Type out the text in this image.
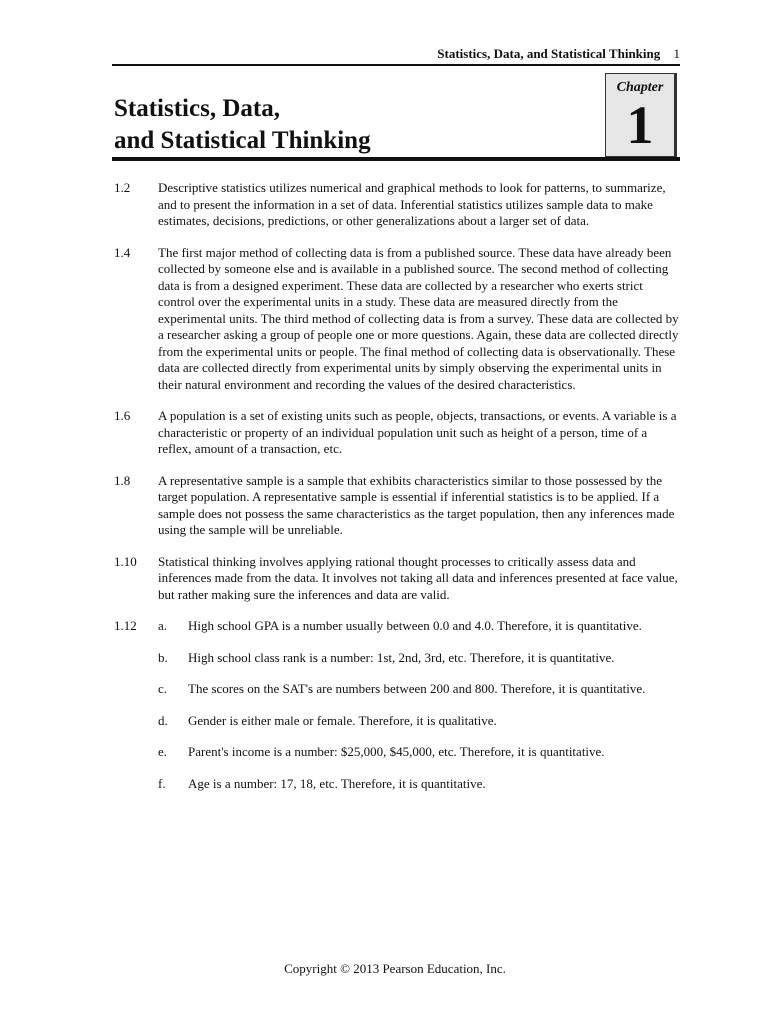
Statistics, Data, and Statistical Thinking 1
Chapter
1
Statistics, Data,
and Statistical Thinking
1.2	Descriptive statistics utilizes numerical and graphical methods to look for patterns, to summarize, and to present the information in a set of data. Inferential statistics utilizes sample data to make estimates, decisions, predictions, or other generalizations about a larger set of data.
1.4	The first major method of collecting data is from a published source. These data have already been collected by someone else and is available in a published source. The second method of collecting data is from a designed experiment. These data are collected by a researcher who exerts strict control over the experimental units in a study. These data are measured directly from the experimental units. The third method of collecting data is from a survey. These data are collected by a researcher asking a group of people one or more questions. Again, these data are collected directly from the experimental units or people. The final method of collecting data is observationally. These data are collected directly from experimental units by simply observing the experimental units in their natural environment and recording the values of the desired characteristics.
1.6	A population is a set of existing units such as people, objects, transactions, or events. A variable is a characteristic or property of an individual population unit such as height of a person, time of a reflex, amount of a transaction, etc.
1.8	A representative sample is a sample that exhibits characteristics similar to those possessed by the target population. A representative sample is essential if inferential statistics is to be applied. If a sample does not possess the same characteristics as the target population, then any inferences made using the sample will be unreliable.
1.10	Statistical thinking involves applying rational thought processes to critically assess data and inferences made from the data. It involves not taking all data and inferences presented at face value, but rather making sure the inferences and data are valid.
1.12	a.	High school GPA is a number usually between 0.0 and 4.0. Therefore, it is quantitative.
b.	High school class rank is a number: 1st, 2nd, 3rd, etc. Therefore, it is quantitative.
c.	The scores on the SAT's are numbers between 200 and 800. Therefore, it is quantitative.
d.	Gender is either male or female. Therefore, it is qualitative.
e.	Parent's income is a number: $25,000, $45,000, etc. Therefore, it is quantitative.
f.	Age is a number: 17, 18, etc. Therefore, it is quantitative.
Copyright © 2013 Pearson Education, Inc.
